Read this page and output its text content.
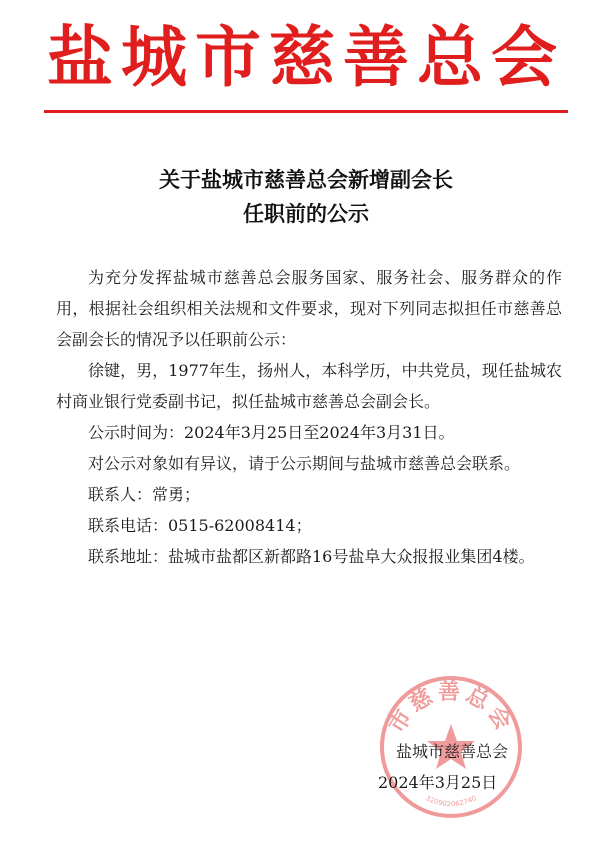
盐城市慈善总会
关于盐城市慈善总会新增副会长
任职前的公示

为充分发挥盐城市慈善总会服务国家、服务社会、服务群众的作用，根据社会组织相关法规和文件要求，现对下列同志拟担任市慈善总会副会长的情况予以任职前公示：

徐键，男，1977年生，扬州人，本科学历，中共党员，现任盐城农村商业银行党委副书记，拟任盐城市慈善总会副会长。

公示时间为：2024年3月25日至2024年3月31日。

对公示对象如有异议，请于公示期间与盐城市慈善总会联系。

联系人：常勇；

联系电话：0515-62008414；

联系地址：盐城市盐都区新都路16号盐阜大众报报业集团4楼。

市慈善总会
320902062740
盐城市慈善总会
2024年3月25日
